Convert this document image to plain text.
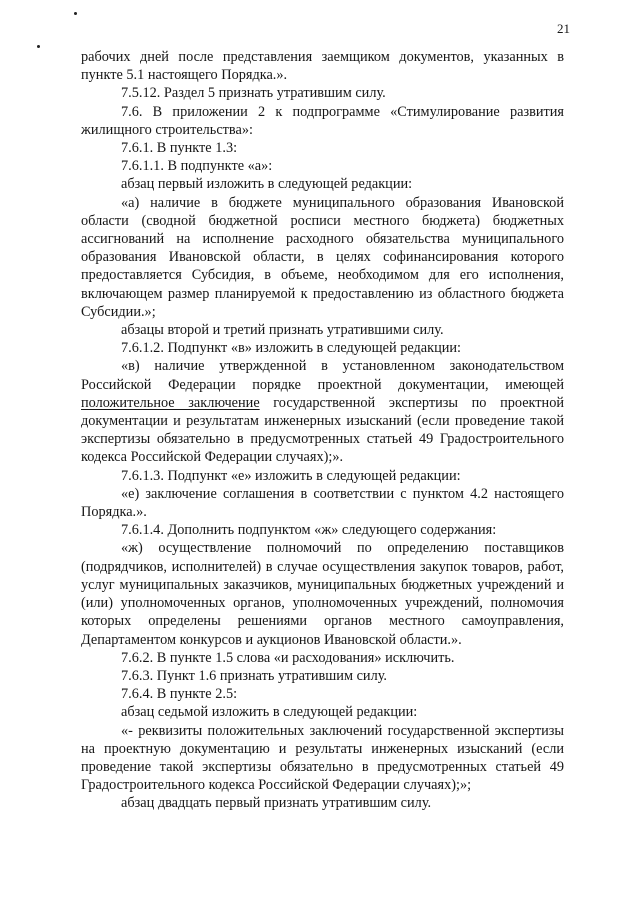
21

рабочих дней после представления заемщиком документов, указанных в пункте 5.1 настоящего Порядка.».

7.5.12. Раздел 5 признать утратившим силу.

7.6. В приложении 2 к подпрограмме «Стимулирование развития жилищного строительства»:

7.6.1. В пункте 1.3:

7.6.1.1. В подпункте «а»:

абзац первый изложить в следующей редакции:

«а) наличие в бюджете муниципального образования Ивановской области (сводной бюджетной росписи местного бюджета) бюджетных ассигнований на исполнение расходного обязательства муниципального образования Ивановской области, в целях софинансирования которого предоставляется Субсидия, в объеме, необходимом для его исполнения, включающем размер планируемой к предоставлению из областного бюджета Субсидии.»;

абзацы второй и третий признать утратившими силу.

7.6.1.2. Подпункт «в» изложить в следующей редакции:

«в) наличие утвержденной в установленном законодательством Российской Федерации порядке проектной документации, имеющей положительное заключение государственной экспертизы по проектной документации и результатам инженерных изысканий (если проведение такой экспертизы обязательно в предусмотренных статьей 49 Градостроительного кодекса Российской Федерации случаях);».

7.6.1.3. Подпункт «е» изложить в следующей редакции:

«е) заключение соглашения в соответствии с пунктом 4.2 настоящего Порядка.».

7.6.1.4. Дополнить подпунктом «ж» следующего содержания:

«ж) осуществление полномочий по определению поставщиков (подрядчиков, исполнителей) в случае осуществления закупок товаров, работ, услуг муниципальных заказчиков, муниципальных бюджетных учреждений и (или) уполномоченных органов, уполномоченных учреждений, полномочия которых определены решениями органов местного самоуправления, Департаментом конкурсов и аукционов Ивановской области.».

7.6.2. В пункте 1.5 слова «и расходования» исключить.

7.6.3. Пункт 1.6 признать утратившим силу.

7.6.4. В пункте 2.5:

абзац седьмой изложить в следующей редакции:

«- реквизиты положительных заключений государственной экспертизы на проектную документацию и результаты инженерных изысканий (если проведение такой экспертизы обязательно в предусмотренных статьей 49 Градостроительного кодекса Российской Федерации случаях);»;

абзац двадцать первый признать утратившим силу.
